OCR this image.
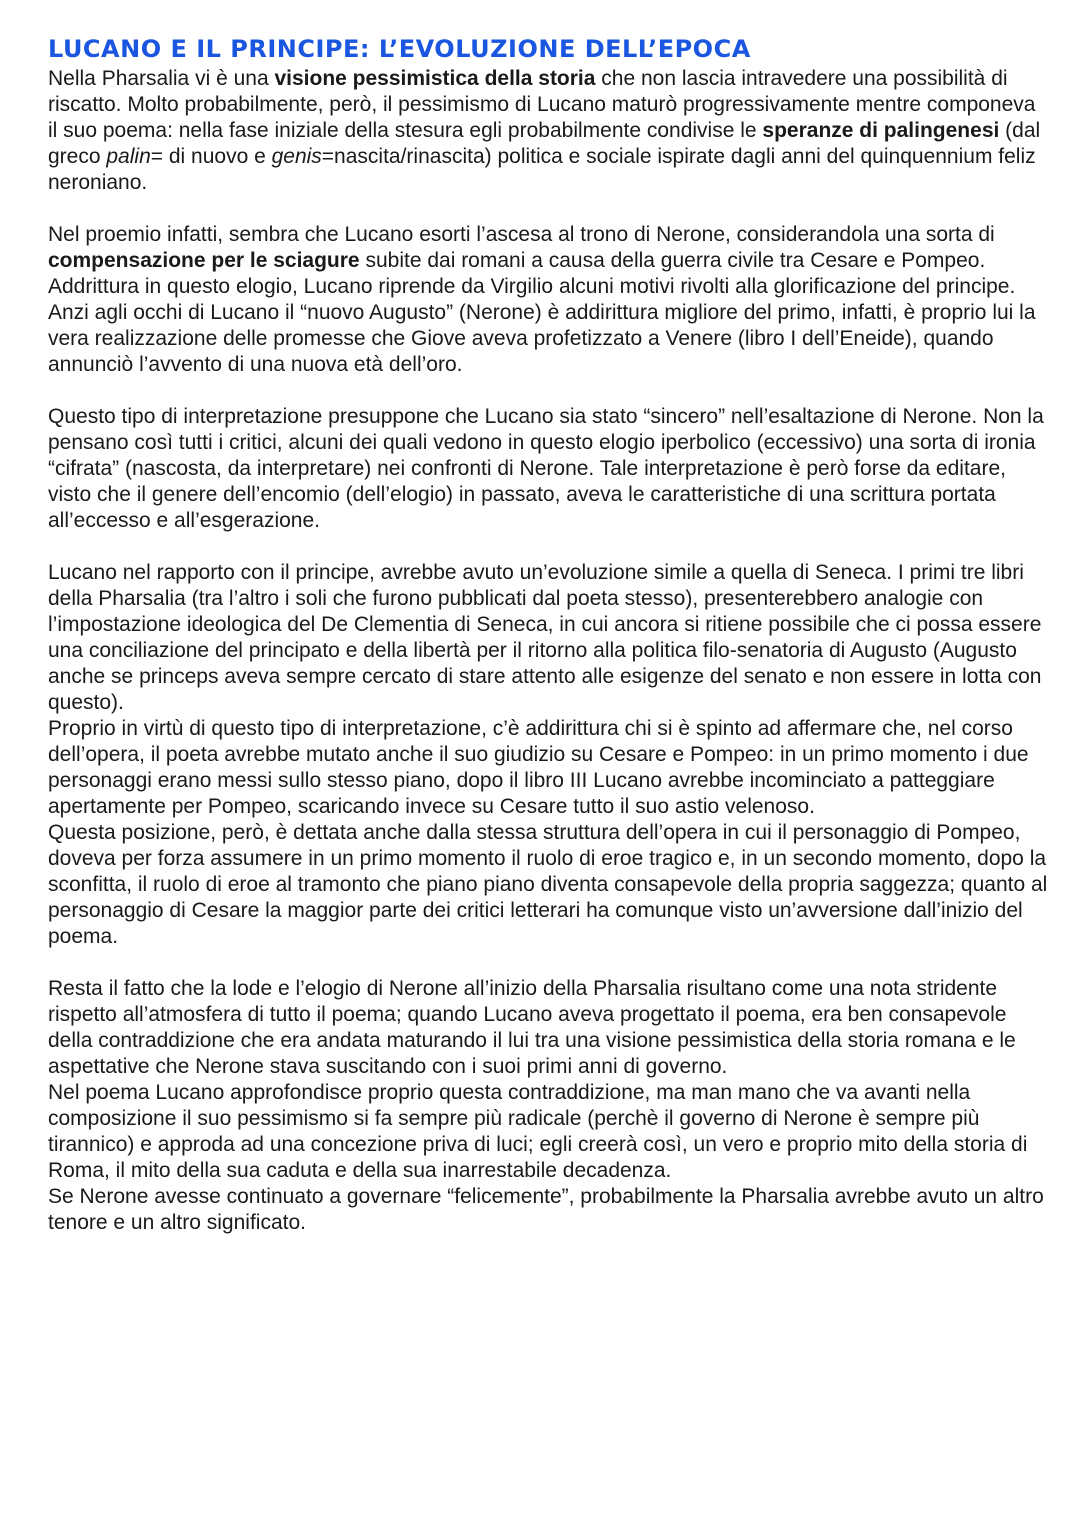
LUCANO E IL PRINCIPE: L’EVOLUZIONE DELL’EPOCA

Nella Pharsalia vi è una visione pessimistica della storia che non lascia intravedere una possibilità di riscatto. Molto probabilmente, però, il pessimismo di Lucano maturò progressivamente mentre componeva il suo poema: nella fase iniziale della stesura egli probabilmente condivise le speranze di palingenesi (dal greco palin= di nuovo e genis=nascita/rinascita) politica e sociale ispirate dagli anni del quinquennium feliz neroniano.

Nel proemio infatti, sembra che Lucano esorti l’ascesa al trono di Nerone, considerandola una sorta di compensazione per le sciagure subite dai romani a causa della guerra civile tra Cesare e Pompeo. Addrittura in questo elogio, Lucano riprende da Virgilio alcuni motivi rivolti alla glorificazione del principe. Anzi agli occhi di Lucano il “nuovo Augusto” (Nerone) è addirittura migliore del primo, infatti, è proprio lui la vera realizzazione delle promesse che Giove aveva profetizzato a Venere (libro I dell’Eneide), quando annunciò l’avvento di una nuova età dell’oro.

Questo tipo di interpretazione presuppone che Lucano sia stato “sincero” nell’esaltazione di Nerone. Non la pensano così tutti i critici, alcuni dei quali vedono in questo elogio iperbolico (eccessivo) una sorta di ironia “cifrata” (nascosta, da interpretare) nei confronti di Nerone. Tale interpretazione è però forse da editare, visto che il genere dell’encomio (dell’elogio) in passato, aveva le caratteristiche di una scrittura portata all’eccesso e all’esgerazione.

Lucano nel rapporto con il principe, avrebbe avuto un’evoluzione simile a quella di Seneca. I primi tre libri della Pharsalia (tra l’altro i soli che furono pubblicati dal poeta stesso), presenterebbero analogie con l’impostazione ideologica del De Clementia di Seneca, in cui ancora si ritiene possibile che ci possa essere una conciliazione del principato e della libertà per il ritorno alla politica filo-senatoria di Augusto (Augusto anche se princeps aveva sempre cercato di stare attento alle esigenze del senato e non essere in lotta con questo).

Proprio in virtù di questo tipo di interpretazione, c’è addirittura chi si è spinto ad affermare che, nel corso dell’opera, il poeta avrebbe mutato anche il suo giudizio su Cesare e Pompeo: in un primo momento i due personaggi erano messi sullo stesso piano, dopo il libro III Lucano avrebbe incominciato a patteggiare apertamente per Pompeo, scaricando invece su Cesare tutto il suo astio velenoso.

Questa posizione, però, è dettata anche dalla stessa struttura dell’opera in cui il personaggio di Pompeo, doveva per forza assumere in un primo momento il ruolo di eroe tragico e, in un secondo momento, dopo la sconfitta, il ruolo di eroe al tramonto che piano piano diventa consapevole della propria saggezza; quanto al personaggio di Cesare la maggior parte dei critici letterari ha comunque visto un’avversione dall’inizio del poema.

Resta il fatto che la lode e l’elogio di Nerone all’inizio della Pharsalia risultano come una nota stridente rispetto all’atmosfera di tutto il poema; quando Lucano aveva progettato il poema, era ben consapevole della contraddizione che era andata maturando il lui tra una visione pessimistica della storia romana e le aspettative che Nerone stava suscitando con i suoi primi anni di governo.

Nel poema Lucano approfondisce proprio questa contraddizione, ma man mano che va avanti nella composizione il suo pessimismo si fa sempre più radicale (perchè il governo di Nerone è sempre più tirannico) e approda ad una concezione priva di luci; egli creerà così, un vero e proprio mito della storia di Roma, il mito della sua caduta e della sua inarrestabile decadenza.

Se Nerone avesse continuato a governare “felicemente”, probabilmente la Pharsalia avrebbe avuto un altro tenore e un altro significato.
